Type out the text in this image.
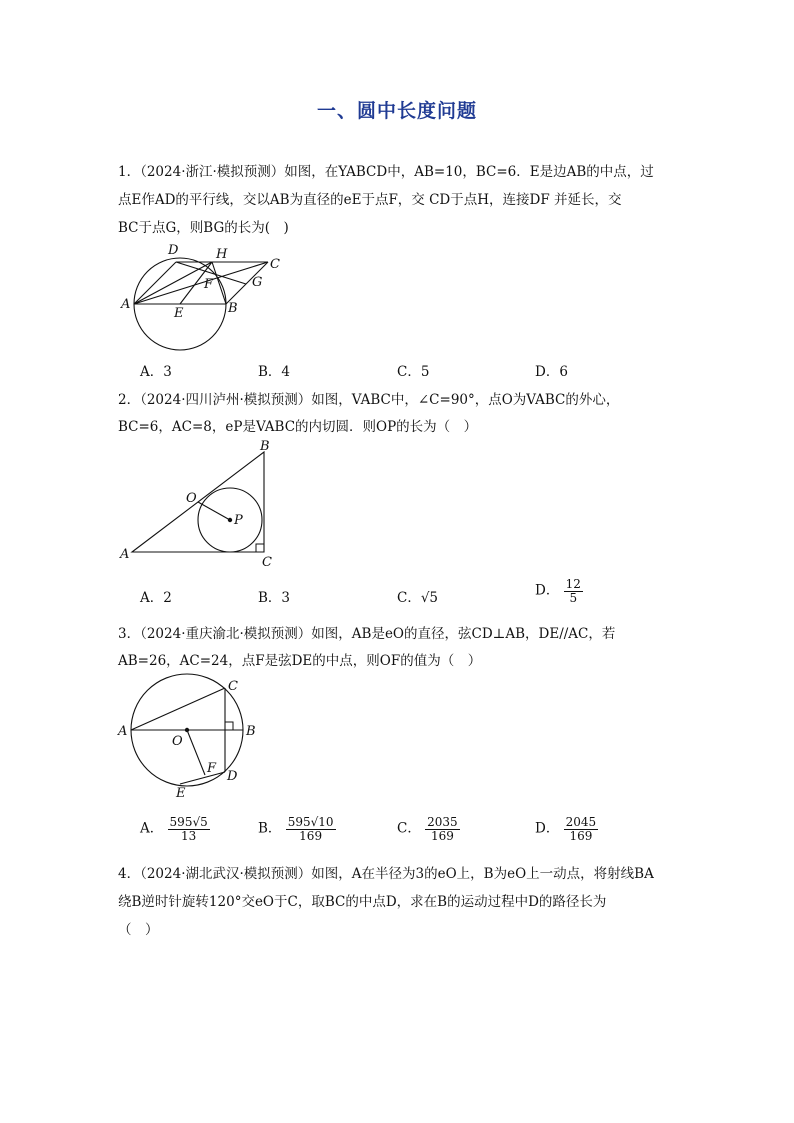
一、圆中长度问题
1．（2024·浙江·模拟预测）如图，在YABCD中，AB=10，BC=6．E是边AB的中点，过
点E作AD的平行线，交以AB为直径的eE于点F，交 CD于点H，连接DF 并延长，交
BC于点G，则BG的长为(　)
A	B
C
D
E
F	G
H
A．3	B．4	C．5	D．6
2．（2024·四川泸州·模拟预测）如图，VABC中，∠C=90°，点O为VABC的外心，
BC=6，AC=8，eP是VABC的内切圆．则OP的长为（　）
A
B
C
O
P
A．2	B．3	C．√5	D． $\frac{12}{5}$
3．（2024·重庆渝北·模拟预测）如图，AB是eO的直径，弦CD⊥AB，DE//AC，若
AB=26，AC=24，点F是弦DE的中点，则OF的值为（　）
A	B
C
D
E
F
O
A． $\frac{595√5}{13}$	B． $\frac{595√10}{169}$	C． $\frac{2035}{169}$	D． $\frac{2045}{169}$
4．（2024·湖北武汉·模拟预测）如图，A在半径为3的eO上，B为eO上一动点，将射线BA
绕B逆时针旋转120°交eO于C，取BC的中点D，求在B的运动过程中D的路径长为
（　）
